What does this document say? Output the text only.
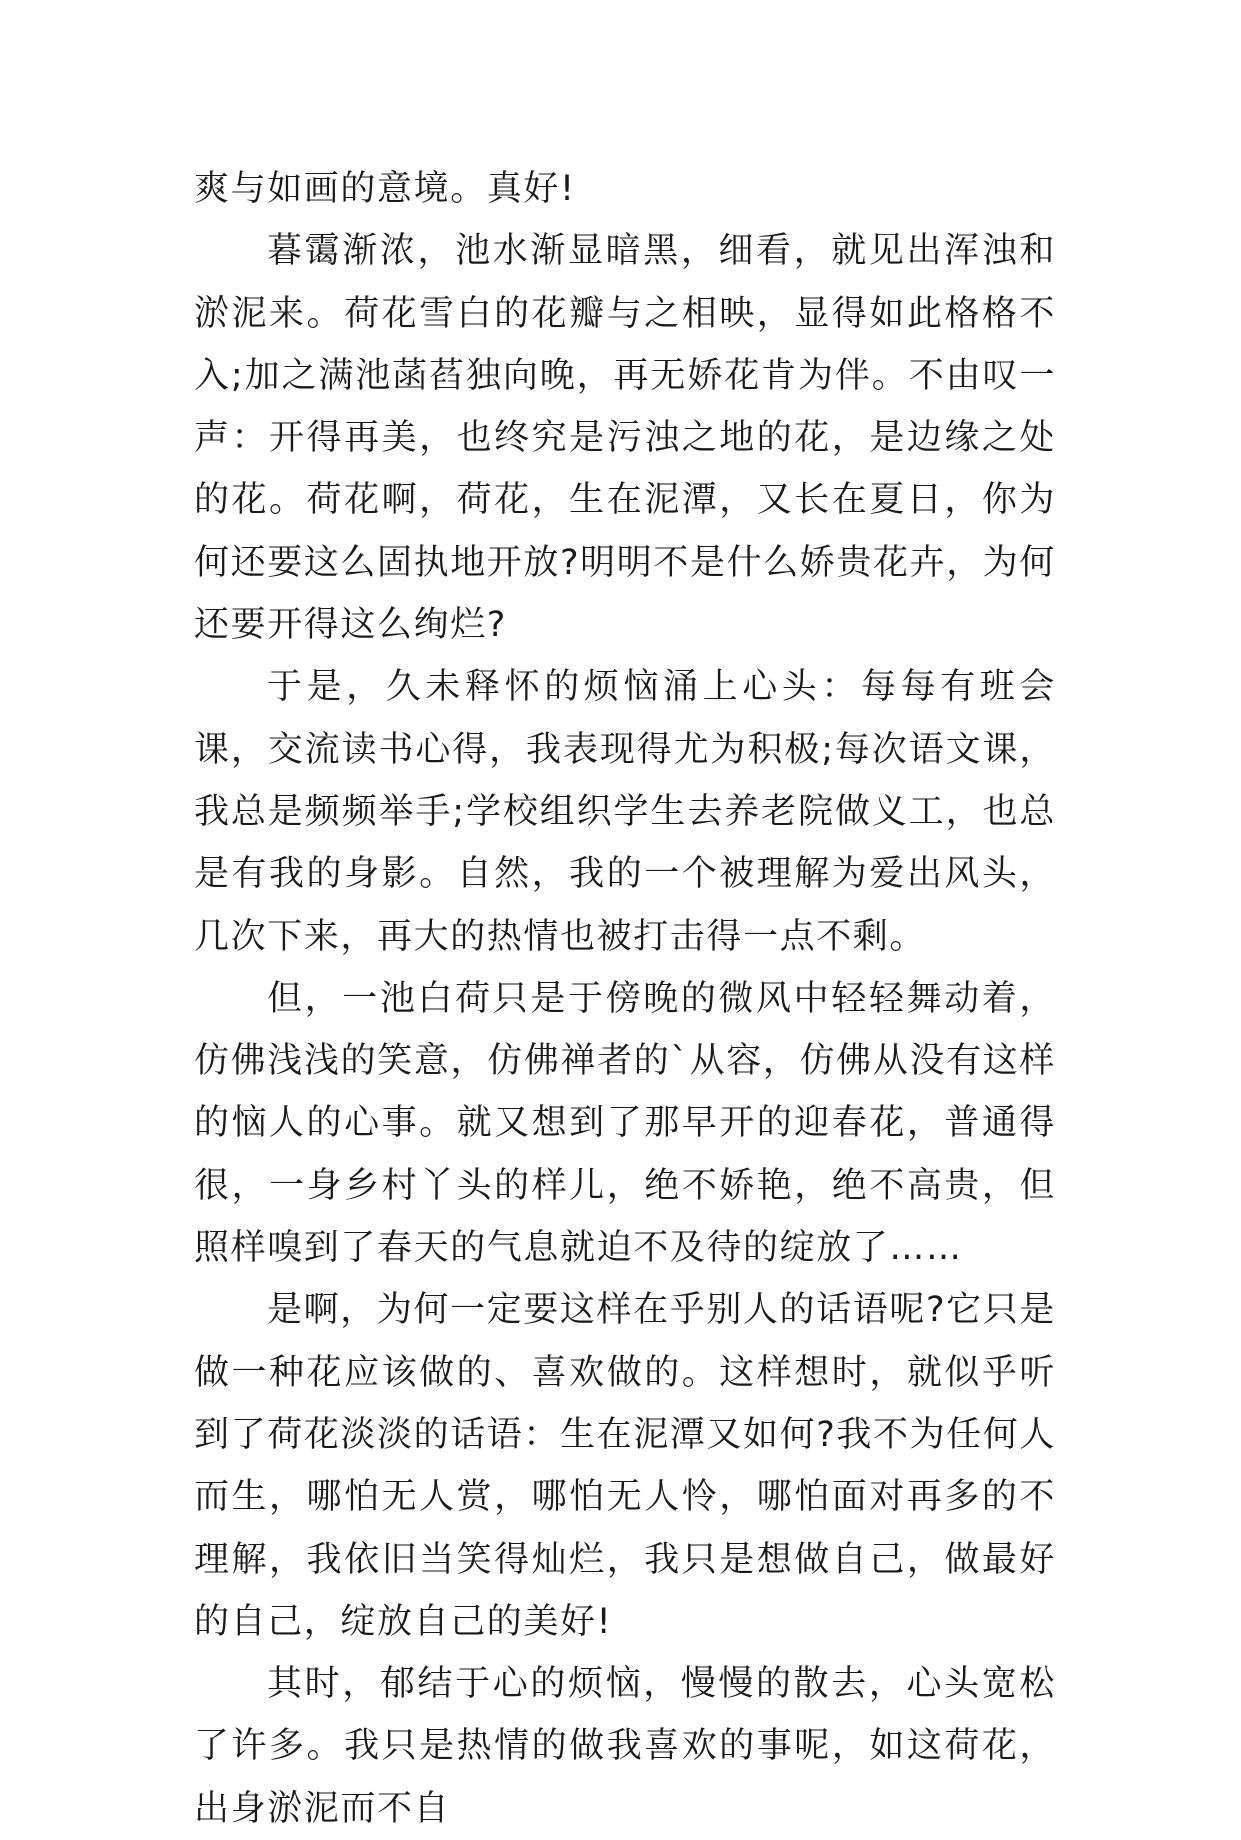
爽与如画的意境。真好!

暮霭渐浓，池水渐显暗黑，细看，就见出浑浊和淤泥来。荷花雪白的花瓣与之相映，显得如此格格不入;加之满池菡萏独向晚，再无娇花肯为伴。不由叹一声：开得再美，也终究是污浊之地的花，是边缘之处的花。荷花啊，荷花，生在泥潭，又长在夏日，你为何还要这么固执地开放?明明不是什么娇贵花卉，为何还要开得这么绚烂?

于是，久未释怀的烦恼涌上心头：每每有班会课，交流读书心得，我表现得尤为积极;每次语文课，我总是频频举手;学校组织学生去养老院做义工，也总是有我的身影。自然，我的一个被理解为爱出风头，几次下来，再大的热情也被打击得一点不剩。

但，一池白荷只是于傍晚的微风中轻轻舞动着，仿佛浅浅的笑意，仿佛禅者的`从容，仿佛从没有这样的恼人的心事。就又想到了那早开的迎春花，普通得很，一身乡村丫头的样儿，绝不娇艳，绝不高贵，但照样嗅到了春天的气息就迫不及待的绽放了……

是啊，为何一定要这样在乎别人的话语呢?它只是做一种花应该做的、喜欢做的。这样想时，就似乎听到了荷花淡淡的话语：生在泥潭又如何?我不为任何人而生，哪怕无人赏，哪怕无人怜，哪怕面对再多的不理解，我依旧当笑得灿烂，我只是想做自己，做最好的自己，绽放自己的美好!

其时，郁结于心的烦恼，慢慢的散去，心头宽松了许多。我只是热情的做我喜欢的事呢，如这荷花，出身淤泥而不自
